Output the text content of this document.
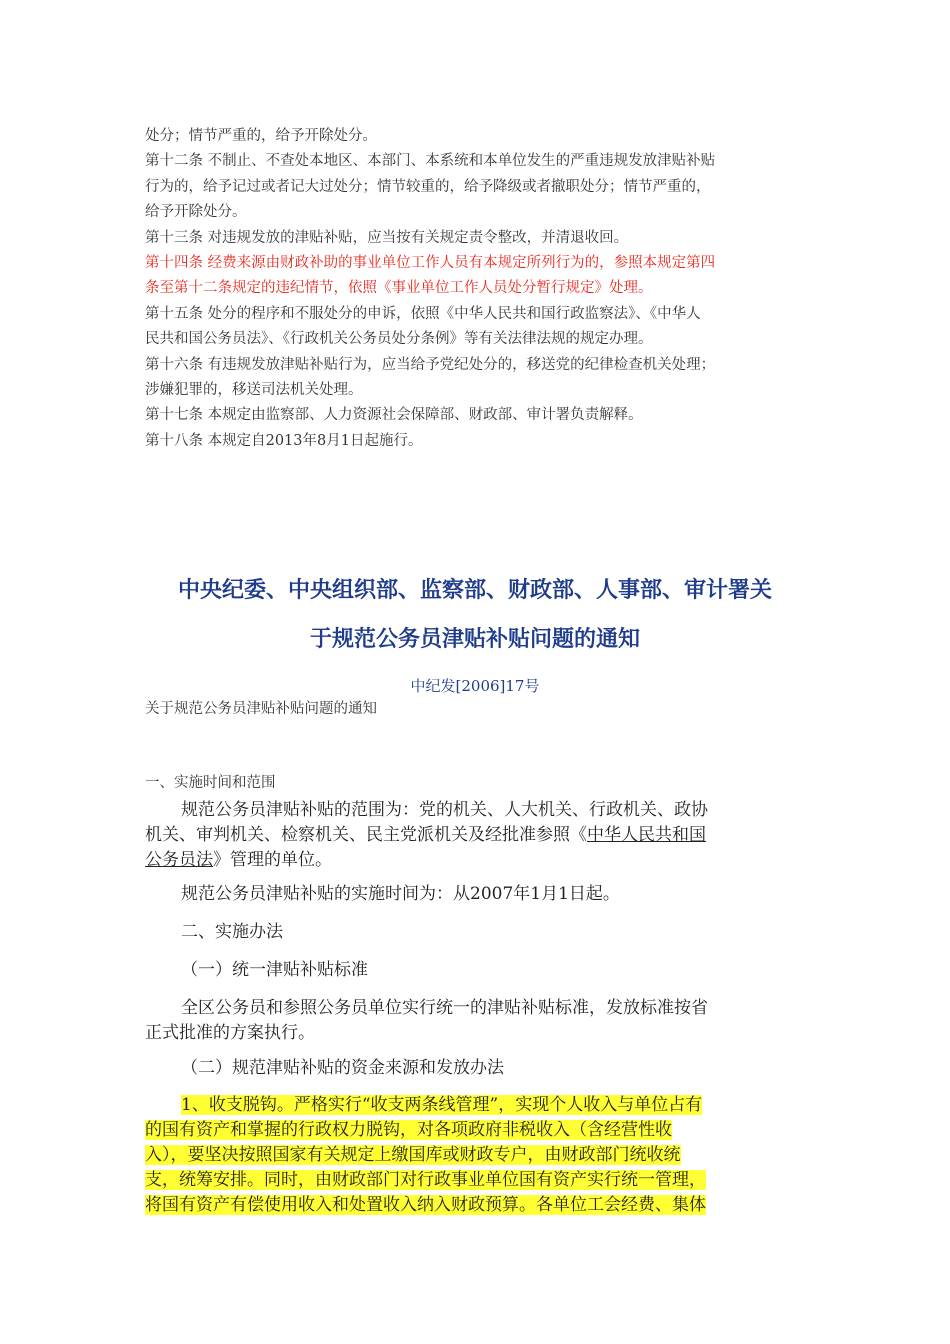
处分；情节严重的，给予开除处分。
第十二条 不制止、不查处本地区、本部门、本系统和本单位发生的严重违规发放津贴补贴
行为的，给予记过或者记大过处分；情节较重的，给予降级或者撤职处分；情节严重的，
给予开除处分。
第十三条 对违规发放的津贴补贴，应当按有关规定责令整改，并清退收回。
第十四条 经费来源由财政补助的事业单位工作人员有本规定所列行为的，参照本规定第四
条至第十二条规定的违纪情节，依照《事业单位工作人员处分暂行规定》处理。
第十五条 处分的程序和不服处分的申诉，依照《中华人民共和国行政监察法》、《中华人
民共和国公务员法》、《行政机关公务员处分条例》等有关法律法规的规定办理。
第十六条 有违规发放津贴补贴行为，应当给予党纪处分的，移送党的纪律检查机关处理；
涉嫌犯罪的，移送司法机关处理。
第十七条 本规定由监察部、人力资源社会保障部、财政部、审计署负责解释。
第十八条 本规定自2013年8月1日起施行。
中央纪委、中央组织部、监察部、财政部、人事部、审计署关
于规范公务员津贴补贴问题的通知
中纪发[2006]17号
关于规范公务员津贴补贴问题的通知
一、实施时间和范围
规范公务员津贴补贴的范围为：党的机关、人大机关、行政机关、政协
机关、审判机关、检察机关、民主党派机关及经批准参照《中华人民共和国
公务员法》管理的单位。
规范公务员津贴补贴的实施时间为：从2007年1月1日起。
二、实施办法
（一）统一津贴补贴标准
全区公务员和参照公务员单位实行统一的津贴补贴标准，发放标准按省
正式批准的方案执行。
（二）规范津贴补贴的资金来源和发放办法
1、收支脱钩。严格实行“收支两条线管理”，实现个人收入与单位占有
的国有资产和掌握的行政权力脱钩，对各项政府非税收入（含经营性收
入），要坚决按照国家有关规定上缴国库或财政专户，由财政部门统收统
支，统筹安排。同时，由财政部门对行政事业单位国有资产实行统一管理，
将国有资产有偿使用收入和处置收入纳入财政预算。各单位工会经费、集体
